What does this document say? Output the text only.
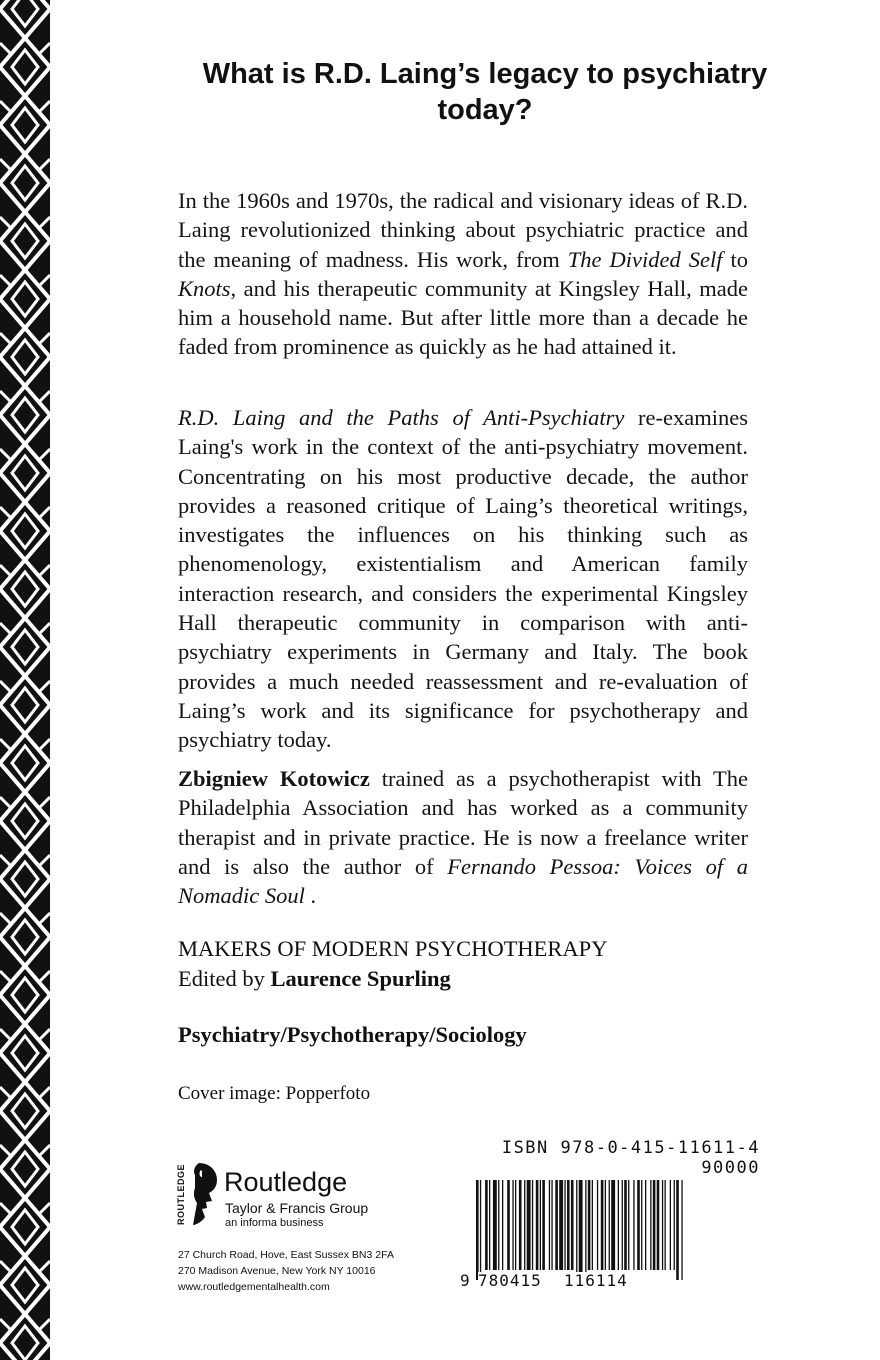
What is R.D. Laing’s legacy to psychiatry today?

In the 1960s and 1970s, the radical and visionary ideas of R.D. Laing revolutionized thinking about psychiatric practice and the meaning of madness. His work, from The Divided Self to Knots, and his therapeutic community at Kingsley Hall, made him a household name. But after little more than a decade he faded from prominence as quickly as he had attained it.

R.D. Laing and the Paths of Anti-Psychiatry re-examines Laing's work in the context of the anti-psychiatry movement. Concentrating on his most productive decade, the author provides a reasoned critique of Laing’s theoretical writings, investigates the influences on his thinking such as phenomenology, existentialism and American family interaction research, and considers the experimental Kingsley Hall therapeutic community in comparison with anti-psychiatry experiments in Germany and Italy. The book provides a much needed reassessment and re-evaluation of Laing’s work and its significance for psychotherapy and psychiatry today.

Zbigniew Kotowicz trained as a psychotherapist with The Philadelphia Association and has worked as a community therapist and in private practice. He is now a freelance writer and is also the author of Fernando Pessoa: Voices of a Nomadic Soul .

MAKERS OF MODERN PSYCHOTHERAPY

Edited by Laurence Spurling

Psychiatry/Psychotherapy/Sociology

Cover image: Popperfoto

ROUTLEDGE Routledge
Taylor & Francis Group
an informa business
27 Church Road, Hove, East Sussex BN3 2FA
270 Madison Avenue, New York NY 10016
www.routledgementalhealth.com
ISBN 978-0-415-11611-4
90000
9 780415 116114
